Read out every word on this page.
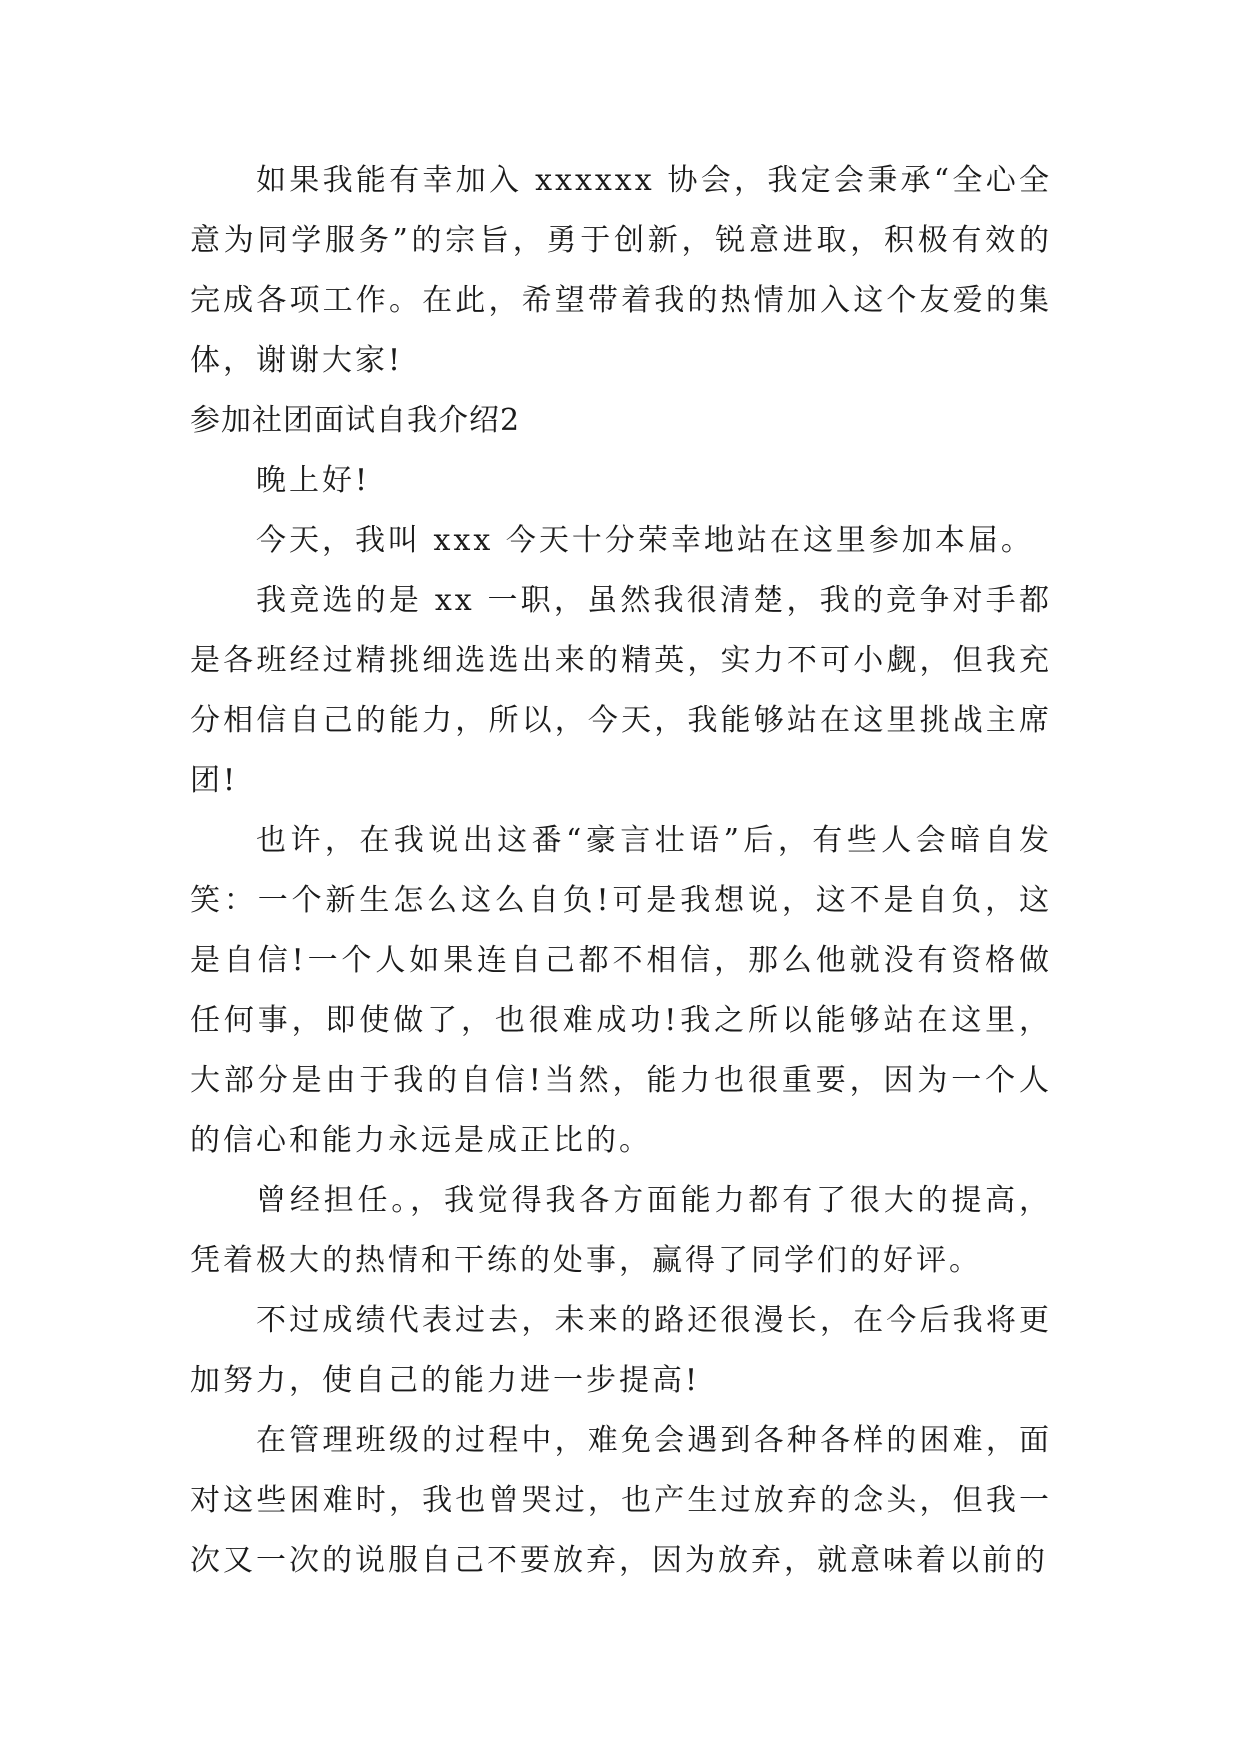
如果我能有幸加入 xxxxxx 协会，我定会秉承“全心全意为同学服务”的宗旨，勇于创新，锐意进取，积极有效的完成各项工作。在此，希望带着我的热情加入这个友爱的集体，谢谢大家!

参加社团面试自我介绍2

晚上好!

今天，我叫 xxx 今天十分荣幸地站在这里参加本届。

我竞选的是 xx 一职，虽然我很清楚，我的竞争对手都是各班经过精挑细选选出来的精英，实力不可小觑，但我充分相信自己的能力，所以，今天，我能够站在这里挑战主席团!

也许，在我说出这番“豪言壮语”后，有些人会暗自发笑：一个新生怎么这么自负!可是我想说，这不是自负，这是自信!一个人如果连自己都不相信，那么他就没有资格做任何事，即使做了，也很难成功!我之所以能够站在这里，大部分是由于我的自信!当然，能力也很重要，因为一个人的信心和能力永远是成正比的。

曾经担任。，我觉得我各方面能力都有了很大的提高，凭着极大的热情和干练的处事，赢得了同学们的好评。

不过成绩代表过去，未来的路还很漫长，在今后我将更加努力，使自己的能力进一步提高!

在管理班级的过程中，难免会遇到各种各样的困难，面对这些困难时，我也曾哭过，也产生过放弃的念头，但我一次又一次的说服自己不要放弃，因为放弃，就意味着以前的
